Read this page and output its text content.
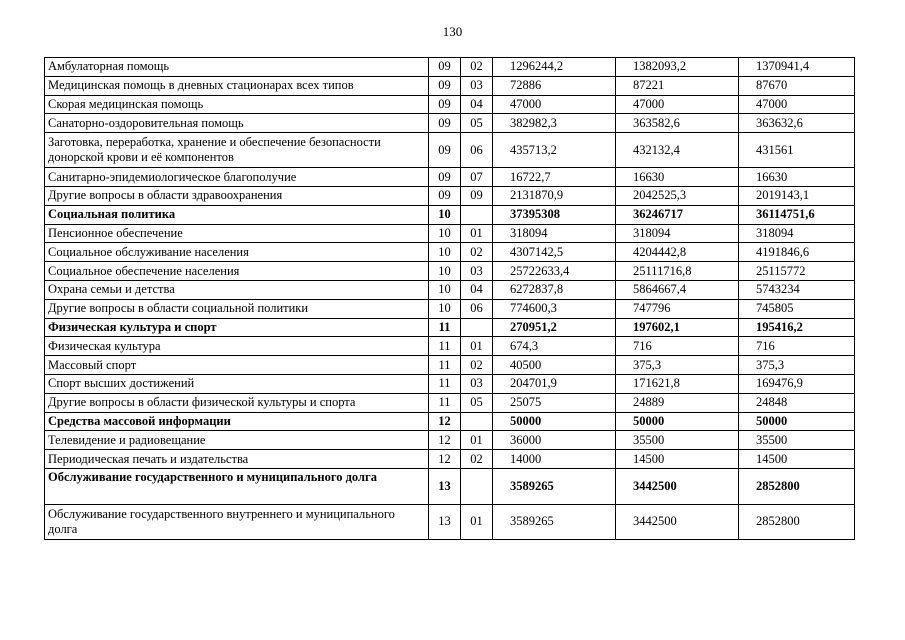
130
Амбулаторная помощь	09	02	1296244,2	1382093,2	1370941,4
Медицинская помощь в дневных стационарах всех типов	09	03	72886	87221	87670
Скорая медицинская помощь	09	04	47000	47000	47000
Санаторно-оздоровительная помощь	09	05	382982,3	363582,6	363632,6
Заготовка, переработка, хранение и обеспечение безопасности донорской крови и её компонентов	09	06	435713,2	432132,4	431561
Санитарно-эпидемиологическое благополучие	09	07	16722,7	16630	16630
Другие вопросы в области здравоохранения	09	09	2131870,9	2042525,3	2019143,1
Социальная политика	10		37395308	36246717	36114751,6
Пенсионное обеспечение	10	01	318094	318094	318094
Социальное обслуживание населения	10	02	4307142,5	4204442,8	4191846,6
Социальное обеспечение населения	10	03	25722633,4	25111716,8	25115772
Охрана семьи и детства	10	04	6272837,8	5864667,4	5743234
Другие вопросы в области социальной политики	10	06	774600,3	747796	745805
Физическая культура и спорт	11		270951,2	197602,1	195416,2
Физическая культура	11	01	674,3	716	716
Массовый спорт	11	02	40500	375,3	375,3
Спорт высших достижений	11	03	204701,9	171621,8	169476,9
Другие вопросы в области физической культуры и спорта	11	05	25075	24889	24848
Средства массовой информации	12		50000	50000	50000
Телевидение и радиовещание	12	01	36000	35500	35500
Периодическая печать и издательства	12	02	14000	14500	14500
Обслуживание государственного и муниципального долга	13		3589265	3442500	2852800
Обслуживание государственного внутреннего и муниципального долга	13	01	3589265	3442500	2852800
